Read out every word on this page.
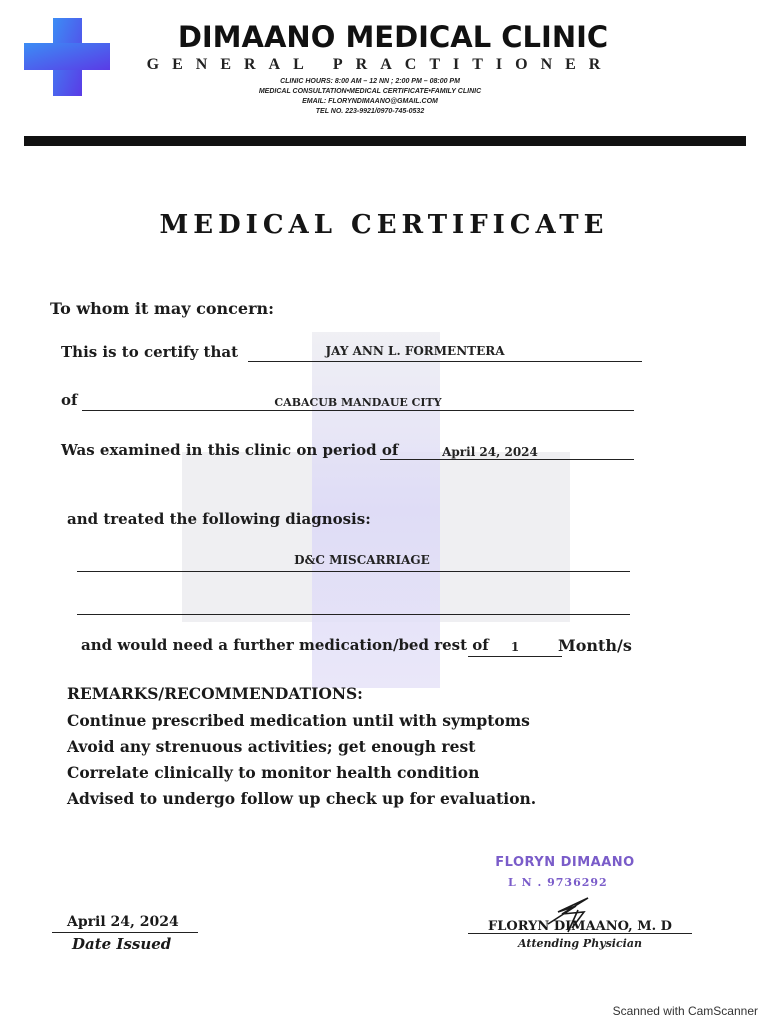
DIMAANO MEDICAL CLINIC
GENERAL PRACTITIONER
CLINIC HOURS: 8:00 AM – 12 NN ; 2:00 PM – 08:00 PM
MEDICAL CONSULTATION•MEDICAL CERTIFICATE•FAMILY CLINIC
EMAIL: FLORYNDIMAANO@GMAIL.COM
TEL NO. 223-9921/0970-745-0532
MEDICAL CERTIFICATE
To whom it may concern:
This is to certify that	JAY ANN L. FORMENTERA
of	CABACUB MANDAUE CITY
Was examined in this clinic on period of	April 24, 2024
and treated the following diagnosis:
D&C MISCARRIAGE
and would need a further medication/bed rest of	1	Month/s
REMARKS/RECOMMENDATIONS:
Continue prescribed medication until with symptoms
Avoid any strenuous activities; get enough rest
Correlate clinically to monitor health condition
Advised to undergo follow up check up for evaluation.
FLORYN DIMAANO
L N . 9736292
FLORYN DIMAANO, M. D
Attending Physician
April 24, 2024
Date Issued
Scanned with CamScanner
